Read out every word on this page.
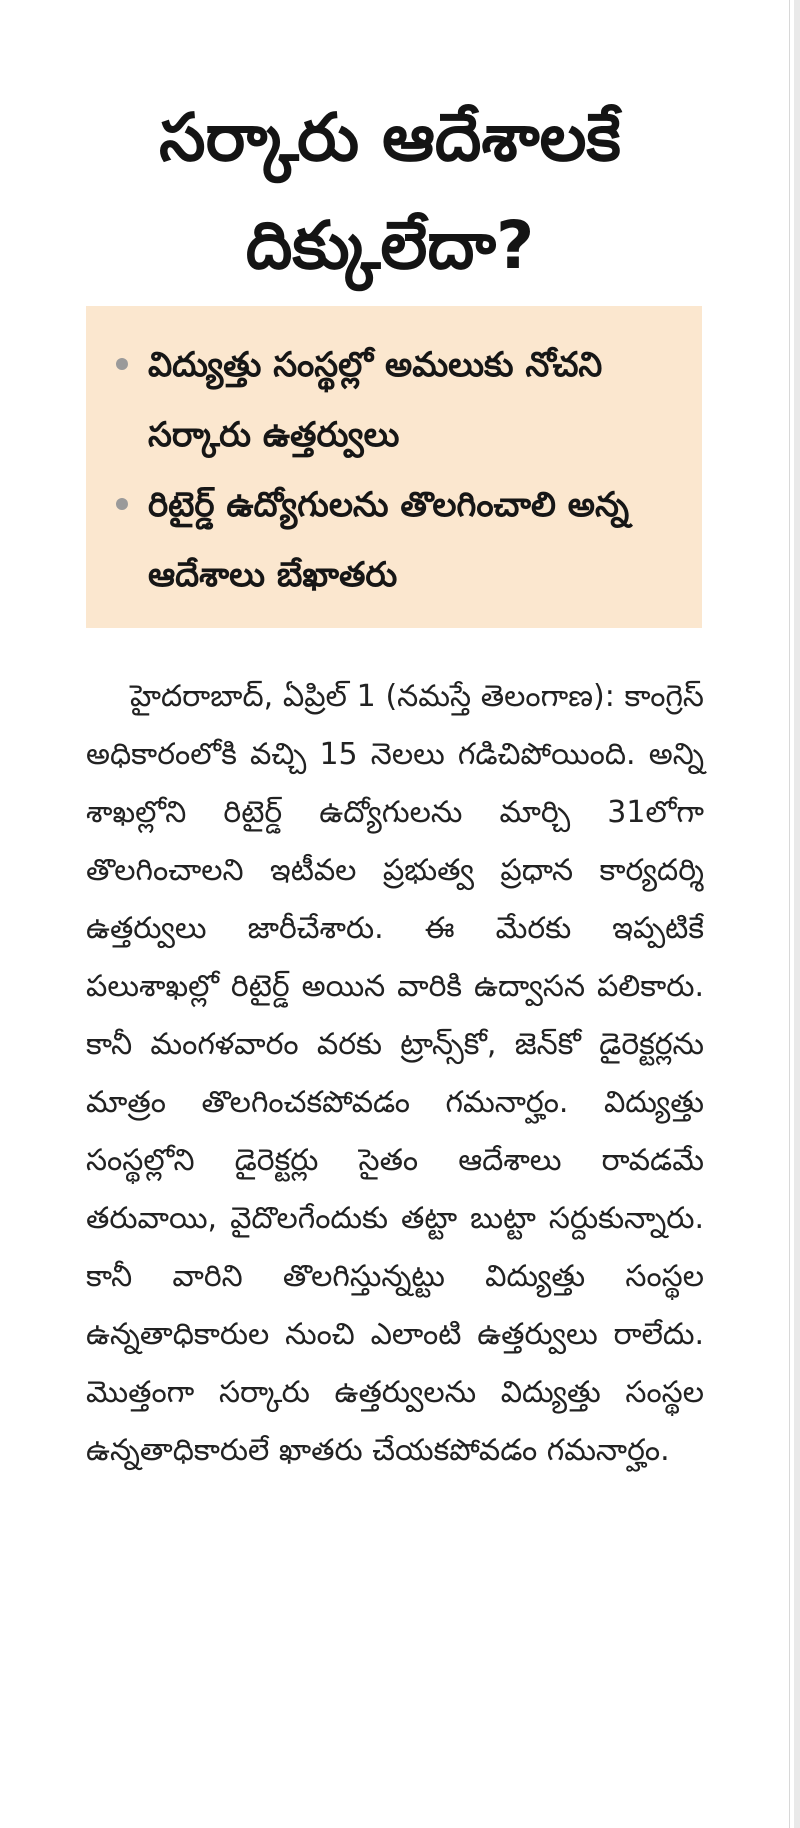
సర్కారు ఆదేశాలకే
దిక్కులేదా?
విద్యుత్తు సంస్థల్లో అమలుకు నోచని సర్కారు ఉత్తర్వులు
రిటైర్డ్ ఉద్యోగులను తొలగించాలి అన్న ఆదేశాలు బేఖాతరు

హైదరాబాద్, ఏప్రిల్ 1 (నమస్తే తెలంగాణ): కాంగ్రెస్ అధికారంలోకి వచ్చి 15 నెలలు గడిచిపోయింది. అన్ని శాఖల్లోని రిటైర్డ్ ఉద్యోగులను మార్చి 31లోగా తొలగించాలని ఇటీవల ప్రభుత్వ ప్రధాన కార్యదర్శి ఉత్తర్వులు జారీచేశారు. ఈ మేరకు ఇప్పటికే పలుశాఖల్లో రిటైర్డ్ అయిన వారికి ఉద్వాసన పలికారు. కానీ మంగళవారం వరకు ట్రాన్స్‌కో, జెన్‌కో డైరెక్టర్లను మాత్రం తొలగించకపోవడం గమనార్హం. విద్యుత్తు సంస్థల్లోని డైరెక్టర్లు సైతం ఆదేశాలు రావడమే తరువాయి, వైదొలగేందుకు తట్టా బుట్టా సర్దుకున్నారు. కానీ వారిని తొలగిస్తున్నట్టు విద్యుత్తు సంస్థల ఉన్నతాధికారుల నుంచి ఎలాంటి ఉత్తర్వులు రాలేదు. మొత్తంగా సర్కారు ఉత్తర్వులను విద్యుత్తు సంస్థల ఉన్నతాధికారులే ఖాతరు చేయకపోవడం గమనార్హం.
